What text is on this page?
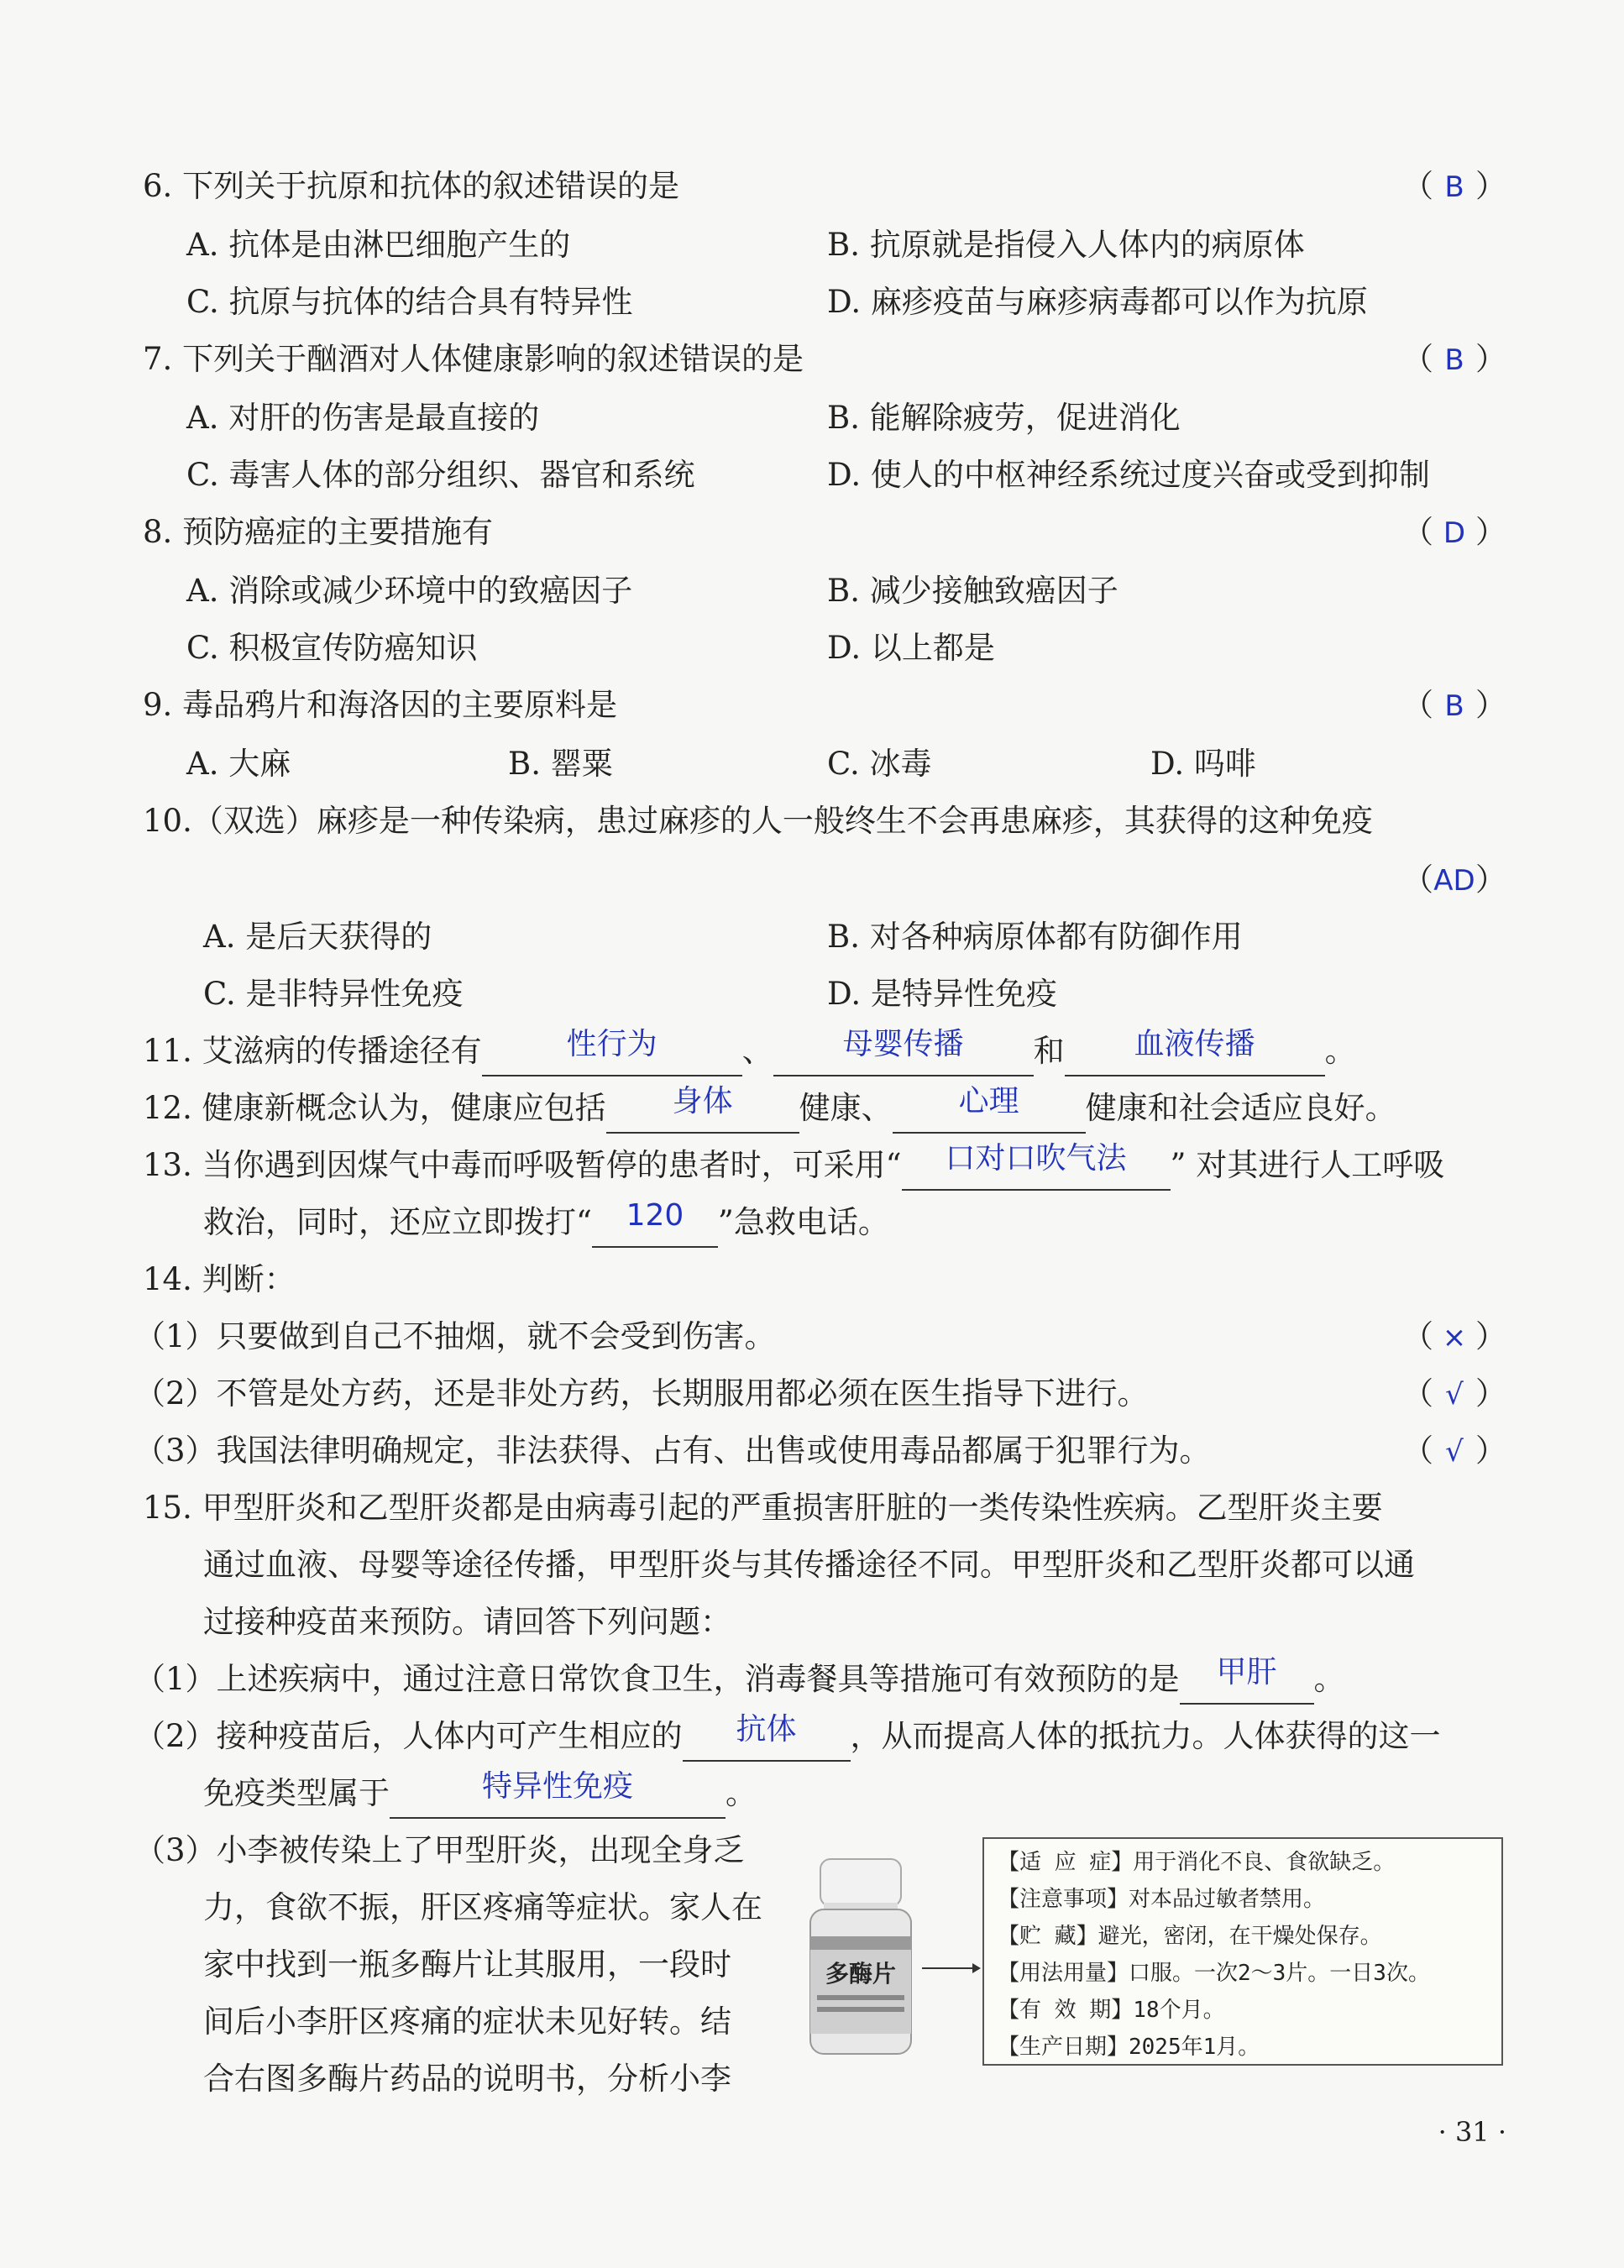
6. 下列关于抗原和抗体的叙述错误的是	（ B ）
A. 抗体是由淋巴细胞产生的	B. 抗原就是指侵入人体内的病原体
C. 抗原与抗体的结合具有特异性	D. 麻疹疫苗与麻疹病毒都可以作为抗原
7. 下列关于酗酒对人体健康影响的叙述错误的是	（ B ）
A. 对肝的伤害是最直接的	B. 能解除疲劳，促进消化
C. 毒害人体的部分组织、器官和系统	D. 使人的中枢神经系统过度兴奋或受到抑制
8. 预防癌症的主要措施有	（ D ）
A. 消除或减少环境中的致癌因子	B. 减少接触致癌因子
C. 积极宣传防癌知识	D. 以上都是
9. 毒品鸦片和海洛因的主要原料是	（ B ）
A. 大麻	B. 罂粟	C. 冰毒	D. 吗啡
10.（双选）麻疹是一种传染病，患过麻疹的人一般终生不会再患麻疹，其获得的这种免疫
（AD）
A. 是后天获得的	B. 对各种病原体都有防御作用
C. 是非特异性免疫	D. 是特异性免疫
11. 艾滋病的传播途径有	性行为	、	母婴传播	和	血液传播	。
12. 健康新概念认为，健康应包括	身体	健康、	心理	健康和社会适应良好。
13. 当你遇到因煤气中毒而呼吸暂停的患者时，可采用“	口对口吹气法	” 对其进行人工呼吸
救治，同时，还应立即拨打“	120	”急救电话。
14. 判断：
（1）只要做到自己不抽烟，就不会受到伤害。	（ × ）
（2）不管是处方药，还是非处方药，长期服用都必须在医生指导下进行。	（ √ ）
（3）我国法律明确规定，非法获得、占有、出售或使用毒品都属于犯罪行为。	（ √ ）
15. 甲型肝炎和乙型肝炎都是由病毒引起的严重损害肝脏的一类传染性疾病。乙型肝炎主要
通过血液、母婴等途径传播，甲型肝炎与其传播途径不同。甲型肝炎和乙型肝炎都可以通
过接种疫苗来预防。请回答下列问题：
（1）上述疾病中，通过注意日常饮食卫生，消毒餐具等措施可有效预防的是	甲肝	。
（2）接种疫苗后，人体内可产生相应的	抗体	，从而提高人体的抵抗力。人体获得的这一
免疫类型属于	特异性免疫	。
（3）小李被传染上了甲型肝炎，出现全身乏
力，食欲不振，肝区疼痛等症状。家人在
家中找到一瓶多酶片让其服用，一段时
间后小李肝区疼痛的症状未见好转。结
合右图多酶片药品的说明书，分析小李
多酶片
【适 应 症】用于消化不良、食欲缺乏。
【注意事项】对本品过敏者禁用。
【贮 藏】避光，密闭，在干燥处保存。
【用法用量】口服。一次2～3片。一日3次。
【有 效 期】18个月。
【生产日期】2025年1月。
· 31 ·
